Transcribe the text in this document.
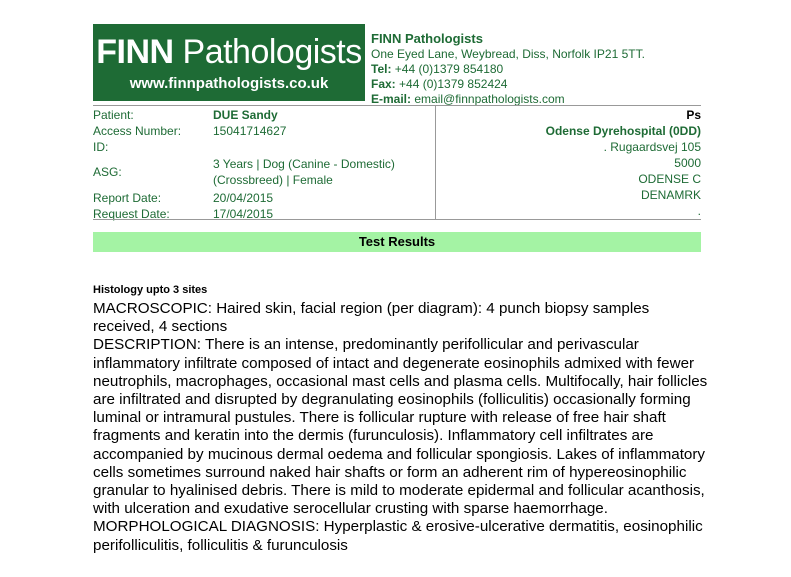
FINN Pathologists
www.finnpathologists.co.uk
FINN Pathologists
One Eyed Lane, Weybread, Diss, Norfolk IP21 5TT.
Tel: +44 (0)1379 854180
Fax: +44 (0)1379 852424
E-mail: email@finnpathologists.com
Patient:	DUE Sandy
Access Number:	15041714627
ID:
ASG:
3 Years | Dog (Canine - Domestic)
(Crossbreed) | Female
Report Date:	20/04/2015
Request Date:	17/04/2015
Ps
Odense Dyrehospital (0DD)
. Rugaardsvej 105
5000
ODENSE C
DENAMRK
.
Test Results
Histology upto 3 sites

MACROSCOPIC: Haired skin, facial region (per diagram): 4 punch biopsy samples received, 4 sections

DESCRIPTION: There is an intense, predominantly perifollicular and perivascular inflammatory infiltrate composed of intact and degenerate eosinophils admixed with fewer neutrophils, macrophages, occasional mast cells and plasma cells. Multifocally, hair follicles are infiltrated and disrupted by degranulating eosinophils (folliculitis) occasionally forming luminal or intramural pustules. There is follicular rupture with release of free hair shaft fragments and keratin into the dermis (furunculosis). Inflammatory cell infiltrates are accompanied by mucinous dermal oedema and follicular spongiosis. Lakes of inflammatory cells sometimes surround naked hair shafts or form an adherent rim of hypereosinophilic granular to hyalinised debris. There is mild to moderate epidermal and follicular acanthosis, with ulceration and exudative serocellular crusting with sparse haemorrhage.

MORPHOLOGICAL DIAGNOSIS: Hyperplastic & erosive-ulcerative dermatitis, eosinophilic perifolliculitis, folliculitis & furunculosis
